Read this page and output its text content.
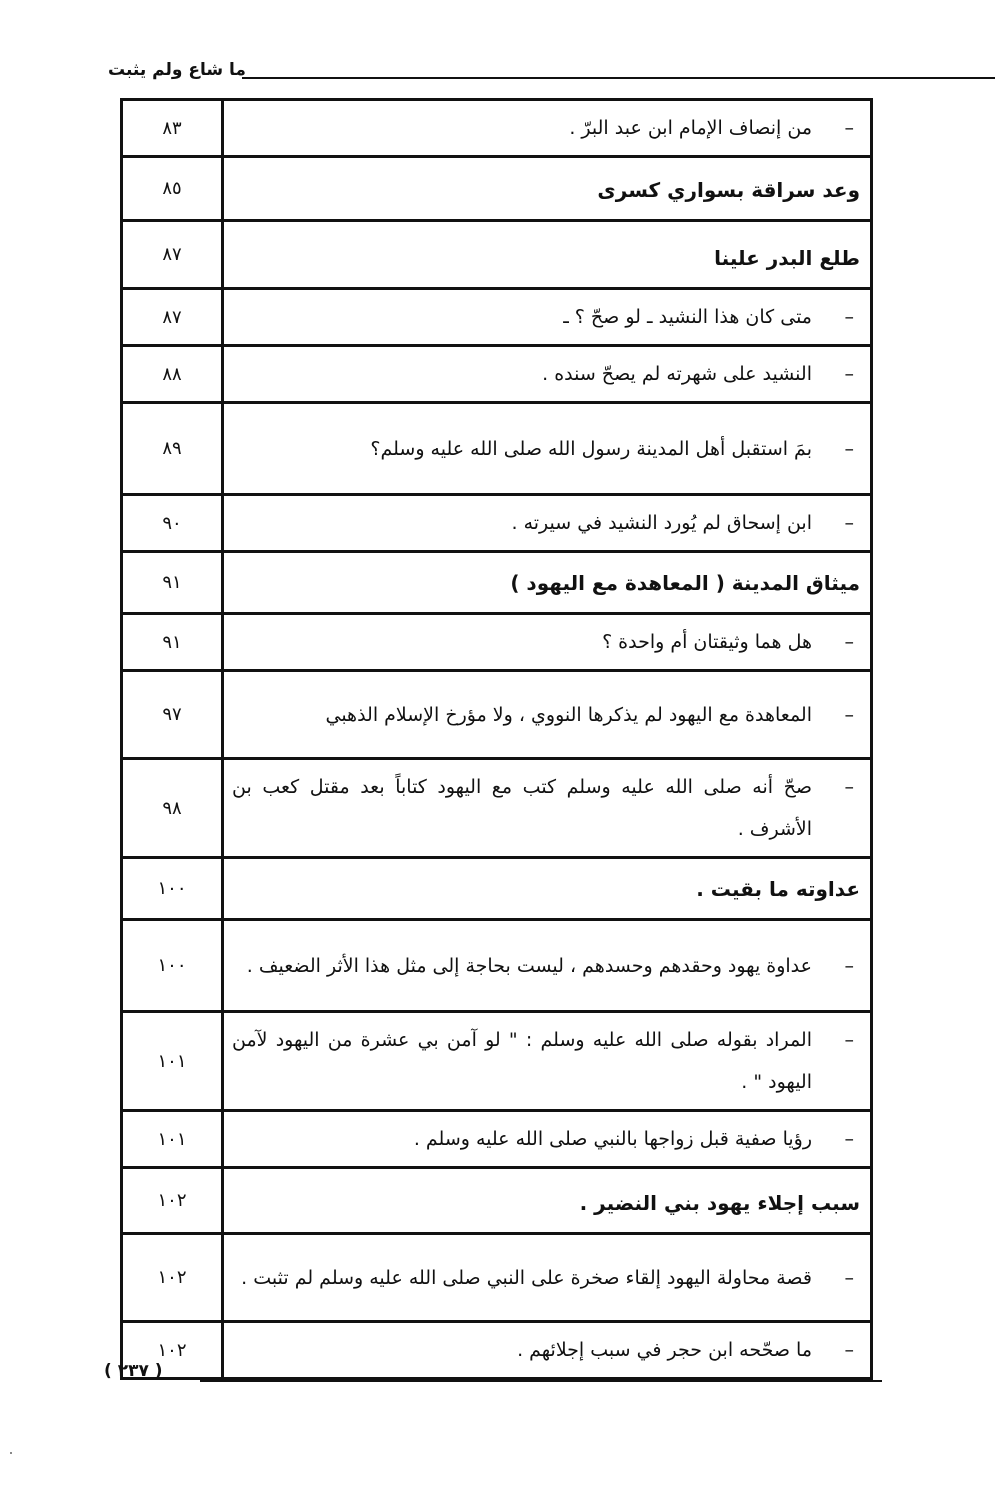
ما شاع ولم يثبت
–
من إنصاف الإمام ابن عبد البرّ .	٨٣
وعد سراقة بسواري كسرى	٨٥
طلع البدر علينا	٨٧

–
متى كان هذا النشيد ـ لو صحّ ؟ ـ	٨٧

–
النشيد على شهرته لم يصحّ سنده .	٨٨

–
بمَ استقبل أهل المدينة رسول الله صلى الله عليه وسلم؟	٨٩

–
ابن إسحاق لم يُورد النشيد في سيرته .	٩٠
ميثاق المدينة ( المعاهدة مع اليهود )	٩١

–
هل هما وثيقتان أم واحدة ؟	٩١

–
المعاهدة مع اليهود لم يذكرها النووي ، ولا مؤرخ الإسلام الذهبي	٩٧

–
صحّ أنه صلى الله عليه وسلم كتب مع اليهود كتاباً بعد مقتل كعب بن الأشرف .	٩٨
عداوته ما بقيت .	١٠٠

–
عداوة يهود وحقدهم وحسدهم ، ليست بحاجة إلى مثل هذا الأثر الضعيف .	١٠٠

–
المراد بقوله صلى الله عليه وسلم : " لو آمن بي عشرة من اليهود لآمن اليهود " .	١٠١

–
رؤيا صفية قبل زواجها بالنبي صلى الله عليه وسلم .	١٠١
سبب إجلاء يهود بني النضير .	١٠٢

–
قصة محاولة اليهود إلقاء صخرة على النبي صلى الله عليه وسلم لم تثبت .	١٠٢

–
ما صحّحه ابن حجر في سبب إجلائهم .	١٠٢
( ٢٣٧ )
